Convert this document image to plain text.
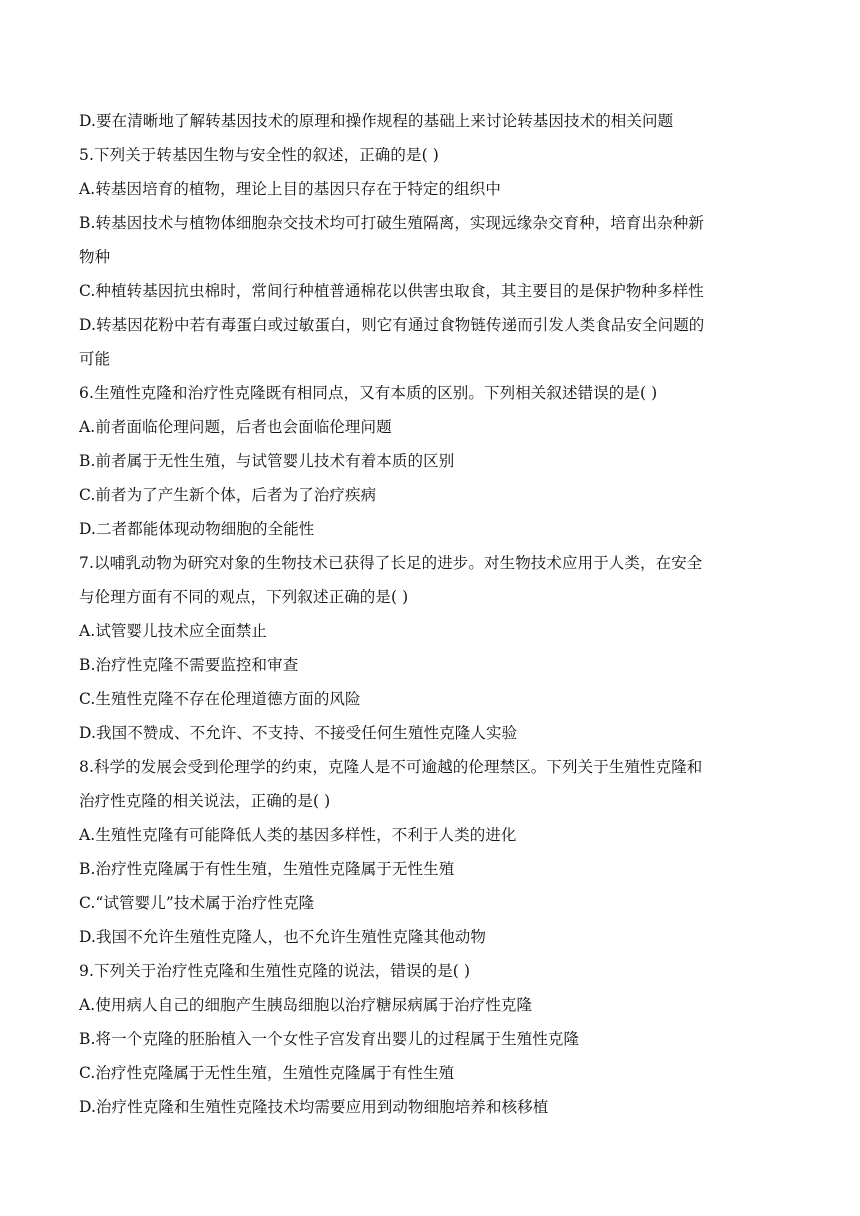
D.要在清晰地了解转基因技术的原理和操作规程的基础上来讨论转基因技术的相关问题
5.下列关于转基因生物与安全性的叙述，正确的是( )
A.转基因培育的植物，理论上目的基因只存在于特定的组织中
B.转基因技术与植物体细胞杂交技术均可打破生殖隔离，实现远缘杂交育种，培育出杂种新
物种
C.种植转基因抗虫棉时，常间行种植普通棉花以供害虫取食，其主要目的是保护物种多样性
D.转基因花粉中若有毒蛋白或过敏蛋白，则它有通过食物链传递而引发人类食品安全问题的
可能
6.生殖性克隆和治疗性克隆既有相同点，又有本质的区别。下列相关叙述错误的是( )
A.前者面临伦理问题，后者也会面临伦理问题
B.前者属于无性生殖，与试管婴儿技术有着本质的区别
C.前者为了产生新个体，后者为了治疗疾病
D.二者都能体现动物细胞的全能性
7.以哺乳动物为研究对象的生物技术已获得了长足的进步。对生物技术应用于人类，在安全
与伦理方面有不同的观点，下列叙述正确的是( )
A.试管婴儿技术应全面禁止
B.治疗性克隆不需要监控和审查
C.生殖性克隆不存在伦理道德方面的风险
D.我国不赞成、不允许、不支持、不接受任何生殖性克隆人实验
8.科学的发展会受到伦理学的约束，克隆人是不可逾越的伦理禁区。下列关于生殖性克隆和
治疗性克隆的相关说法，正确的是( )
A.生殖性克隆有可能降低人类的基因多样性，不利于人类的进化
B.治疗性克隆属于有性生殖，生殖性克隆属于无性生殖
C.“试管婴儿”技术属于治疗性克隆
D.我国不允许生殖性克隆人，也不允许生殖性克隆其他动物
9.下列关于治疗性克隆和生殖性克隆的说法，错误的是( )
A.使用病人自己的细胞产生胰岛细胞以治疗糖尿病属于治疗性克隆
B.将一个克隆的胚胎植入一个女性子宫发育出婴儿的过程属于生殖性克隆
C.治疗性克隆属于无性生殖，生殖性克隆属于有性生殖
D.治疗性克隆和生殖性克隆技术均需要应用到动物细胞培养和核移植
